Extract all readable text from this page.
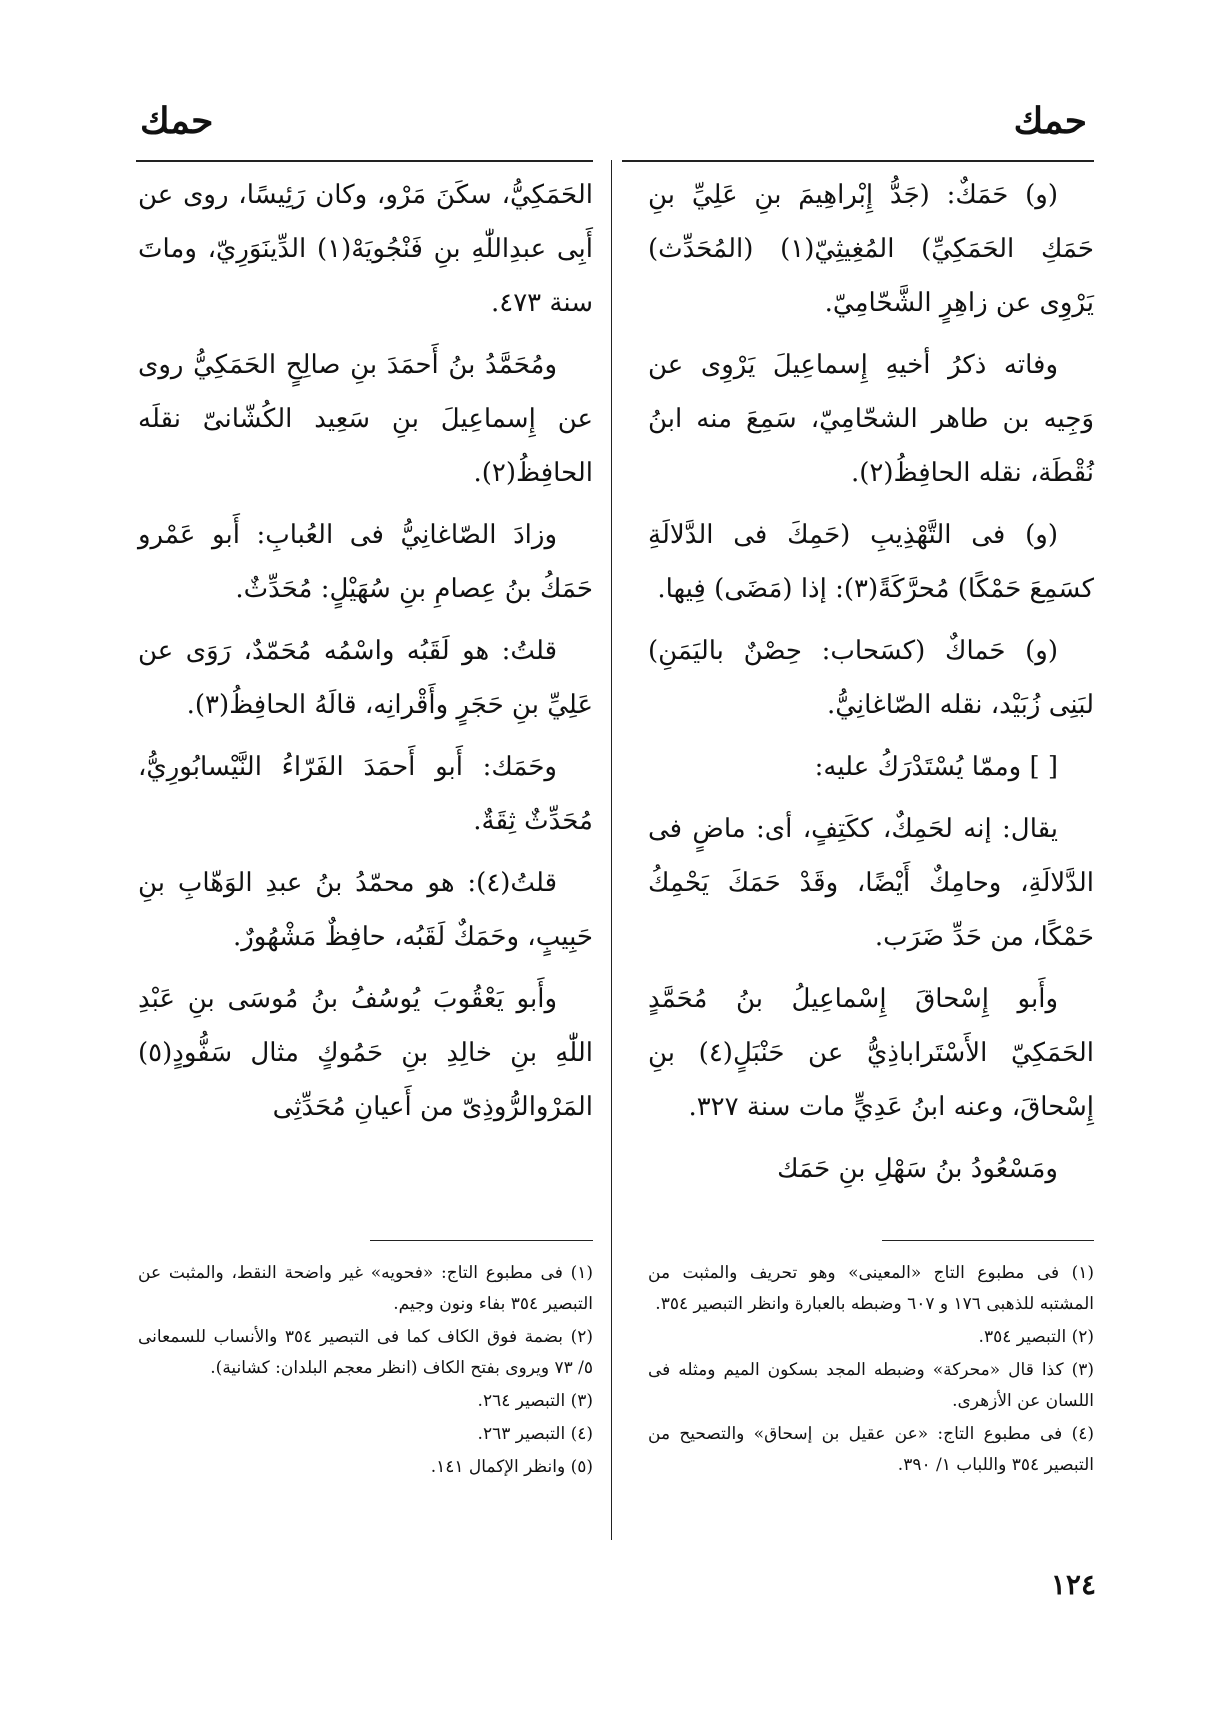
حمك
حمك

(و) حَمَكٌ: (جَدُّ إِبْراهِيمَ بنِ عَلِيِّ بنِ حَمَكِ الحَمَكِيِّ) المُغِيثِيّ(١) (المُحَدِّث) يَرْوِى عن زاهِرٍ الشَّحّامِيّ.

وفاته ذكرُ أخيهِ إِسماعِيلَ يَرْوِى عن وَجِيه بن طاهر الشحّامِيّ، سَمِعَ منه ابنُ نُقْطَة، نقله الحافِظُ(٢).

(و) فى التَّهْذِيبِ (حَمِكَ فى الدَّلالَةِ كسَمِعَ حَمْكًا) مُحرَّكَةً(٣): إذا (مَضَى) فِيها.

(و) حَماكٌ (كسَحاب: حِصْنٌ باليَمَنِ) لبَنِى زُبَيْد، نقله الصّاغانِيُّ.

[ ] وممّا يُسْتَدْرَكُ عليه:

يقال: إنه لحَمِكٌ، ككَتِفٍ، أى: ماضٍ فى الدَّلالَةِ، وحامِكٌ أَيْضًا، وقَدْ حَمَكَ يَحْمِكُ حَمْكًا، من حَدِّ ضَرَب.

وأَبو إِسْحاقَ إِسْماعِيلُ بنُ مُحَمَّدٍ الحَمَكِيّ الأَسْتَراباذِيُّ عن حَنْبَلٍ(٤) بنِ إِسْحاقَ، وعنه ابنُ عَدِيٍّ مات سنة ٣٢٧.

ومَسْعُودُ بنُ سَهْلِ بنِ حَمَك

الحَمَكِيُّ، سكَنَ مَرْو، وكان رَئِيسًا، روى عن أَبِى عبدِاللّٰهِ بنِ فَنْجُويَهْ(١) الدِّينَوَرِيّ، وماتَ سنة ٤٧٣.

ومُحَمَّدُ بنُ أَحمَدَ بنِ صالِحٍ الحَمَكِيُّ روى عن إِسماعِيلَ بنِ سَعِيد الكُشّانىّ نقلَه الحافِظُ(٢).

وزادَ الصّاغانِيُّ فى العُبابِ: أَبو عَمْرو حَمَكُ بنُ عِصامِ بنِ سُهَيْلٍ: مُحَدِّثٌ.

قلتُ: هو لَقَبُه واسْمُه مُحَمّدٌ، رَوَى عن عَلِيِّ بنِ حَجَرٍ وأَقْرانِه، قالَهُ الحافِظُ(٣).

وحَمَك: أَبو أَحمَدَ الفَرّاءُ النَّيْسابُورِيُّ، مُحَدِّثٌ ثِقَةٌ.

قلتُ(٤): هو محمّدُ بنُ عبدِ الوَهّابِ بنِ حَبِيبٍ، وحَمَكٌ لَقَبُه، حافِظٌ مَشْهُورٌ.

وأَبو يَعْقُوبَ يُوسُفُ بنُ مُوسَى بنِ عَبْدِ اللّٰهِ بنِ خالِدِ بنِ حَمُوكٍ مثال سَفُّودٍ(٥) المَرْوالرُّوذِىّ من أَعيانِ مُحَدِّثِى

(١) فى مطبوع التاج «المعينى» وهو تحريف والمثبت من المشتبه للذهبى ١٧٦ و ٦٠٧ وضبطه بالعبارة وانظر التبصير ٣٥٤.

(٢) التبصير ٣٥٤.

(٣) كذا قال «محركة» وضبطه المجد بسكون الميم ومثله فى اللسان عن الأزهرى.

(٤) فى مطبوع التاج: «عن عقيل بن إسحاق» والتصحيح من التبصير ٣٥٤ واللباب ١/ ٣٩٠.

(١) فى مطبوع التاج: «فحويه» غير واضحة النقط، والمثبت عن التبصير ٣٥٤ بفاء ونون وجيم.

(٢) بضمة فوق الكاف كما فى التبصير ٣٥٤ والأنساب للسمعانى ٥/ ٧٣ ويروى بفتح الكاف (انظر معجم البلدان: كشانية).

(٣) التبصير ٢٦٤.

(٤) التبصير ٢٦٣.

(٥) وانظر الإكمال ١٤١.

١٢٤
